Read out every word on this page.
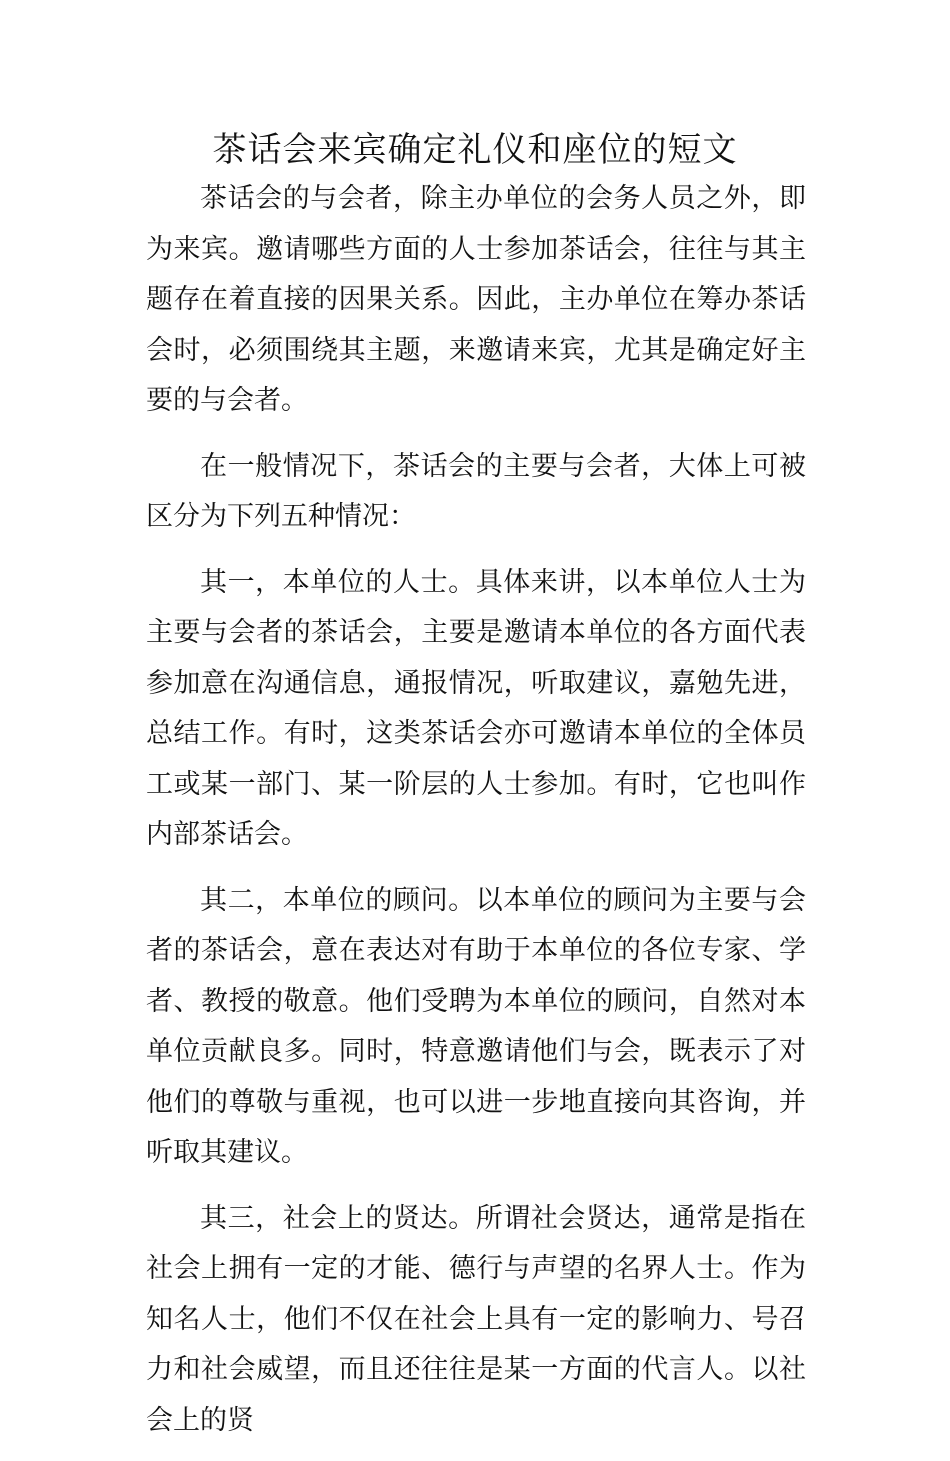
茶话会来宾确定礼仪和座位的短文

茶话会的与会者，除主办单位的会务人员之外，即为来宾。邀请哪些方面的人士参加茶话会，往往与其主题存在着直接的因果关系。因此，主办单位在筹办茶话会时，必须围绕其主题，来邀请来宾，尤其是确定好主要的与会者。

在一般情况下，茶话会的主要与会者，大体上可被区分为下列五种情况：

其一，本单位的人士。具体来讲，以本单位人士为主要与会者的茶话会，主要是邀请本单位的各方面代表参加意在沟通信息，通报情况，听取建议，嘉勉先进，总结工作。有时，这类茶话会亦可邀请本单位的全体员工或某一部门、某一阶层的人士参加。有时，它也叫作内部茶话会。

其二，本单位的顾问。以本单位的顾问为主要与会者的茶话会，意在表达对有助于本单位的各位专家、学者、教授的敬意。他们受聘为本单位的顾问，自然对本单位贡献良多。同时，特意邀请他们与会，既表示了对他们的尊敬与重视，也可以进一步地直接向其咨询，并听取其建议。

其三，社会上的贤达。所谓社会贤达，通常是指在社会上拥有一定的才能、德行与声望的名界人士。作为知名人士，他们不仅在社会上具有一定的影响力、号召力和社会威望，而且还往往是某一方面的代言人。以社会上的贤
